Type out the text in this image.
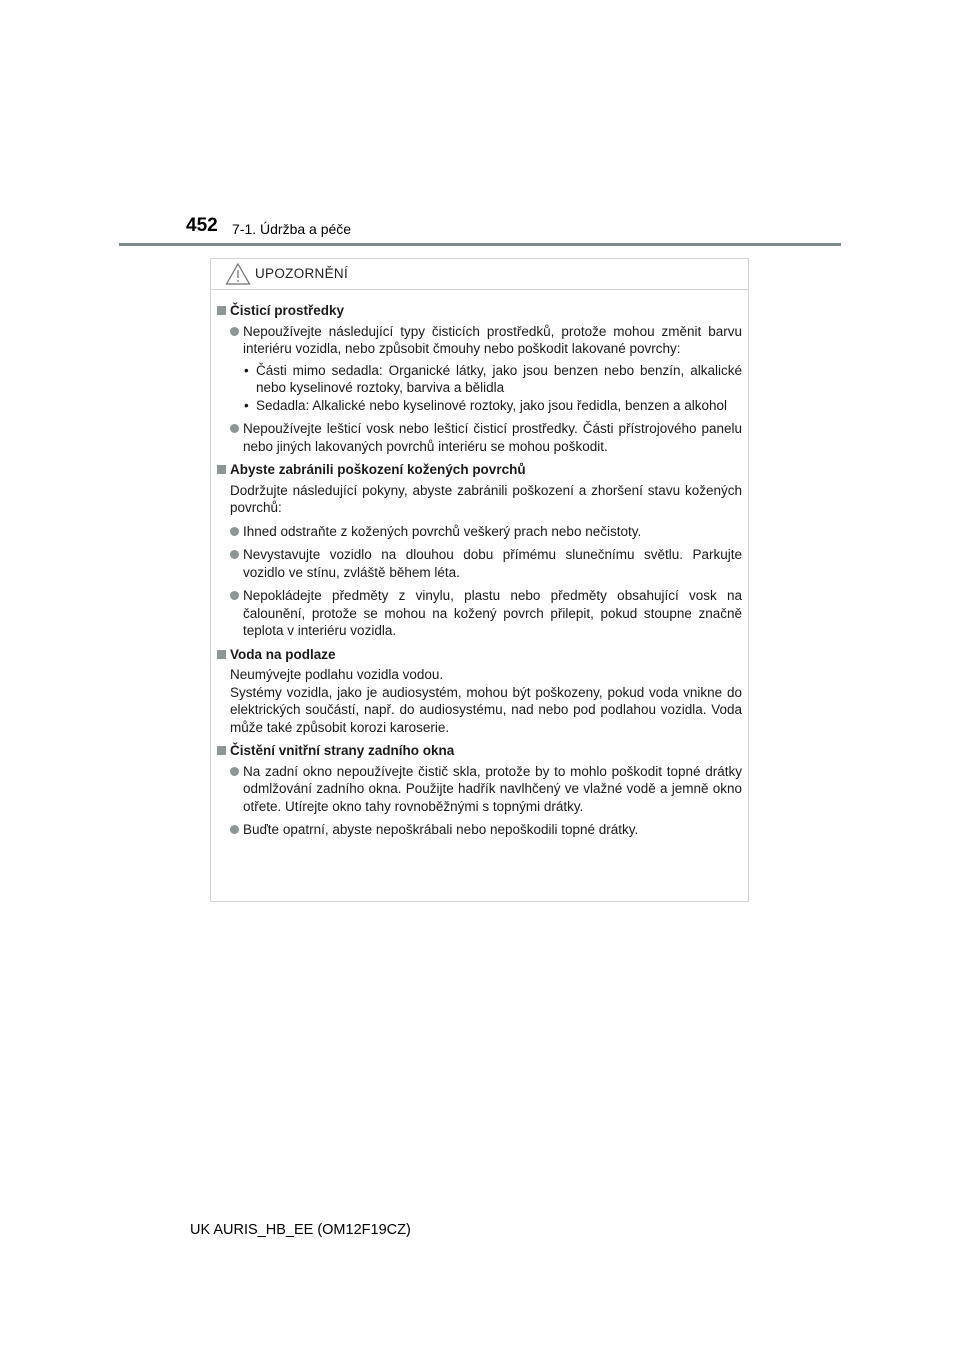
452 7-1. Údržba a péče
UPOZORNĚNÍ
Čisticí prostředky
Nepoužívejte následující typy čisticích prostředků, protože mohou změnit barvu interiéru vozidla, nebo způsobit čmouhy nebo poškodit lakované povrchy:
• Části mimo sedadla: Organické látky, jako jsou benzen nebo benzín, alkalické nebo kyselinové roztoky, barviva a bělidla
• Sedadla: Alkalické nebo kyselinové roztoky, jako jsou ředidla, benzen a alkohol
Nepoužívejte lešticí vosk nebo lešticí čisticí prostředky. Části přístrojového panelu nebo jiných lakovaných povrchů interiéru se mohou poškodit.
Abyste zabránili poškození kožených povrchů
Dodržujte následující pokyny, abyste zabránili poškození a zhoršení stavu kožených povrchů:
Ihned odstraňte z kožených povrchů veškerý prach nebo nečistoty.
Nevystavujte vozidlo na dlouhou dobu přímému slunečnímu světlu. Parkujte vozidlo ve stínu, zvláště během léta.
Nepokládejte předměty z vinylu, plastu nebo předměty obsahující vosk na čalounění, protože se mohou na kožený povrch přilepit, pokud stoupne značně teplota v interiéru vozidla.
Voda na podlaze
Neumývejte podlahu vozidla vodou.
Systémy vozidla, jako je audiosystém, mohou být poškozeny, pokud voda vnikne do elektrických součástí, např. do audiosystému, nad nebo pod podlahou vozidla. Voda může také způsobit korozi karoserie.
Čistění vnitřní strany zadního okna
Na zadní okno nepoužívejte čistič skla, protože by to mohlo poškodit topné drátky odmlžování zadního okna. Použijte hadřík navlhčený ve vlažné vodě a jemně okno otřete. Utírejte okno tahy rovnoběžnými s topnými drátky.
Buďte opatrní, abyste nepoškrábali nebo nepoškodili topné drátky.
UK AURIS_HB_EE (OM12F19CZ)
